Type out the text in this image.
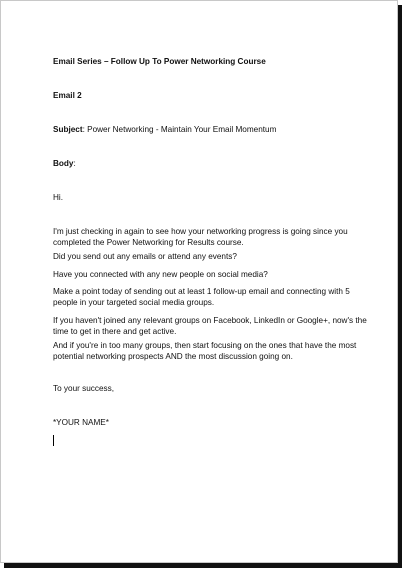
Email Series – Follow Up To Power Networking Course
Email 2
Subject: Power Networking - Maintain Your Email Momentum
Body:
Hi.
I'm just checking in again to see how your networking progress is going since you completed the Power Networking for Results course.
Did you send out any emails or attend any events?
Have you connected with any new people on social media?
Make a point today of sending out at least 1 follow-up email and connecting with 5 people in your targeted social media groups.
If you haven't joined any relevant groups on Facebook, LinkedIn or Google+, now's the time to get in there and get active.
And if you're in too many groups, then start focusing on the ones that have the most potential networking prospects AND the most discussion going on.
To your success,
*YOUR NAME*
